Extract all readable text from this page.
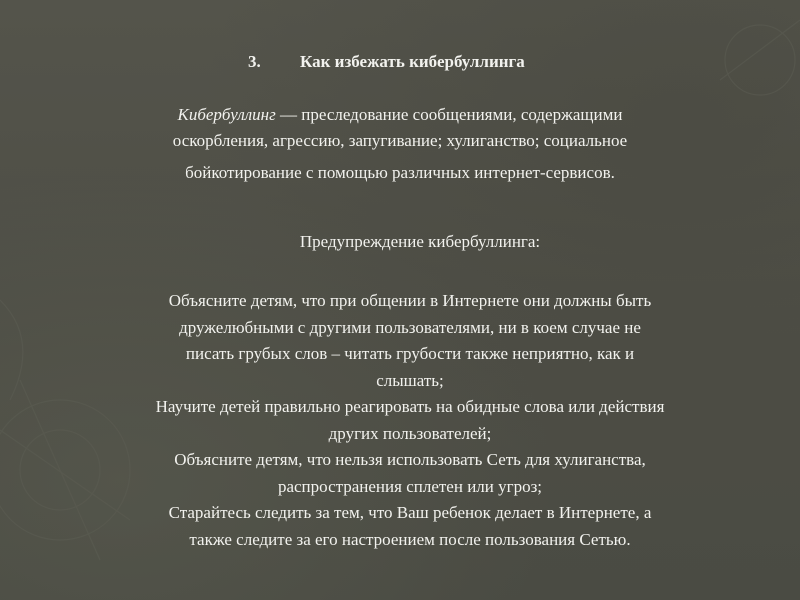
3. Как избежать кибербуллинга
Кибербуллинг — преследование сообщениями, содержащими
оскорбления, агрессию, запугивание; хулиганство; социальное
бойкотирование с помощью различных интернет-сервисов.
Предупреждение кибербуллинга:

Объясните детям, что при общении в Интернете они должны быть
дружелюбными с другими пользователями, ни в коем случае не
писать грубых слов – читать грубости также неприятно, как и
слышать;

Научите детей правильно реагировать на обидные слова или действия
других пользователей;

Объясните детям, что нельзя использовать Сеть для хулиганства,
распространения сплетен или угроз;

Старайтесь следить за тем, что Ваш ребенок делает в Интернете, а
также следите за его настроением после пользования Сетью.
